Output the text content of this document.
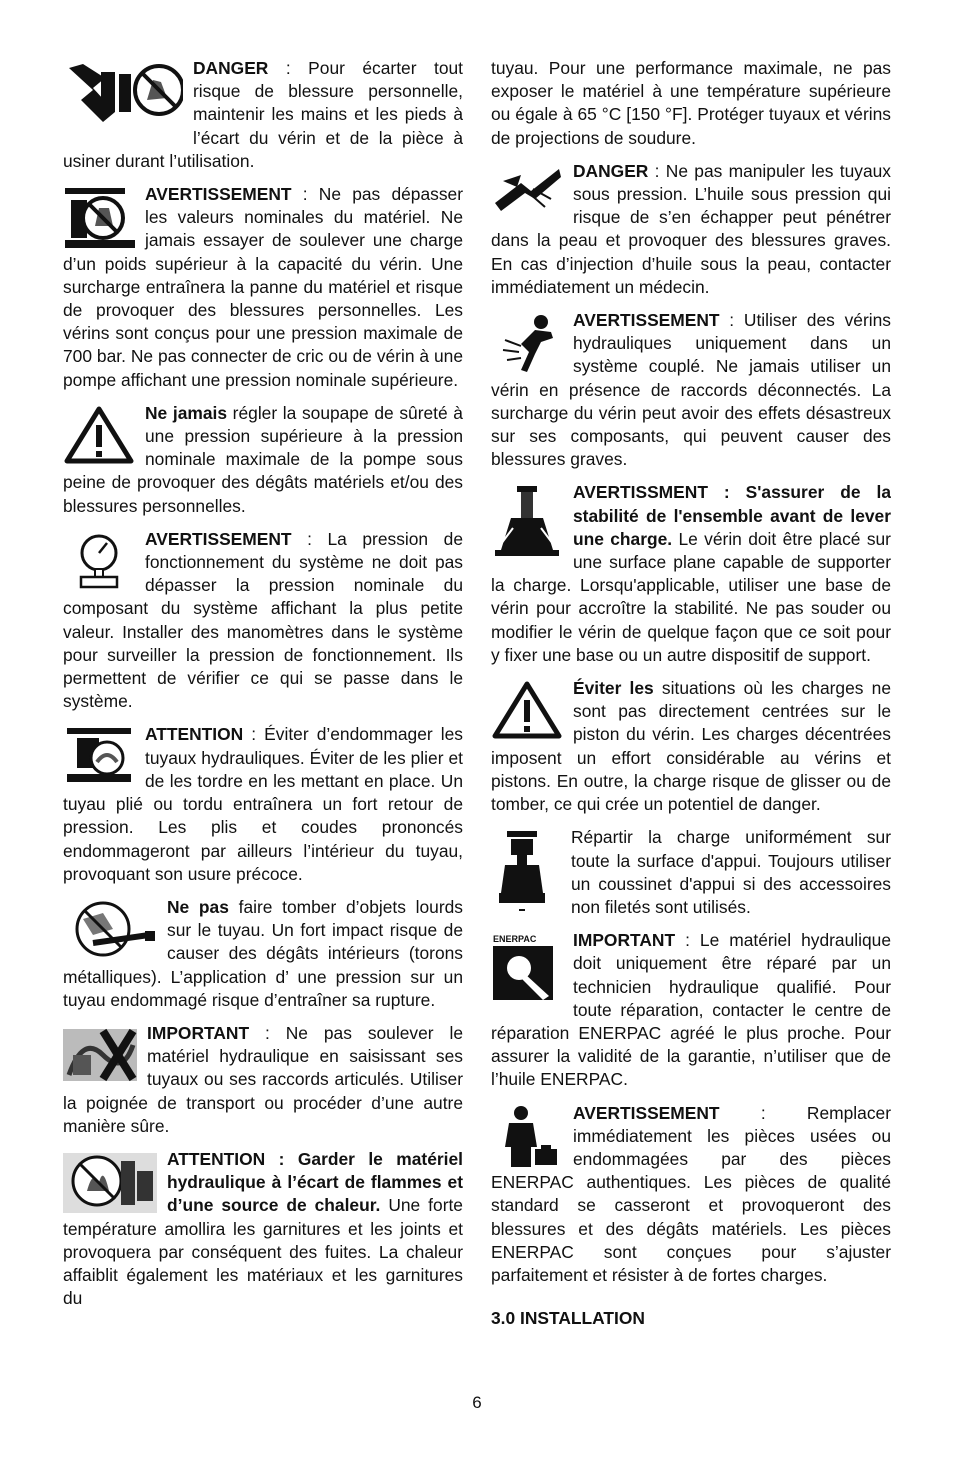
DANGER : Pour écarter tout risque de blessure personnelle, maintenir les mains et les pieds à l’écart du vérin et de la pièce à usiner durant l’utilisation.

AVERTISSEMENT : Ne pas dépasser les valeurs nominales du matériel. Ne jamais essayer de soulever une charge d’un poids supérieur à la capacité du vérin. Une surcharge entraînera la panne du matériel et risque de provoquer des blessures personnelles. Les vérins sont conçus pour une pression maximale de 700 bar. Ne pas connecter de cric ou de vérin à une pompe affichant une pression nominale supérieure.

Ne jamais régler la soupape de sûreté à une pression supérieure à la pression nominale maximale de la pompe sous peine de provoquer des dégâts matériels et/ou des blessures personnelles.

AVERTISSEMENT : La pression de fonctionnement du système ne doit pas dépasser la pression nominale du composant du système affichant la plus petite valeur. Installer des manomètres dans le système pour surveiller la pression de fonctionnement. Ils permettent de vérifier ce qui se passe dans le système.

ATTENTION : Éviter d’endommager les tuyaux hydrauliques. Éviter de les plier et de les tordre en les mettant en place. Un tuyau plié ou tordu entraînera un fort retour de pression. Les plis et coudes prononcés endommageront par ailleurs l’intérieur du tuyau, provoquant son usure précoce.

Ne pas faire tomber d’objets lourds sur le tuyau. Un fort impact risque de causer des dégâts intérieurs (torons métalliques). L’application d’ une pression sur un tuyau endommagé risque d’entraîner sa rupture.

IMPORTANT : Ne pas soulever le matériel hydraulique en saisissant ses tuyaux ou ses raccords articulés. Utiliser la poignée de transport ou procéder d’une autre manière sûre.

ATTENTION : Garder le matériel hydraulique à l’écart de flammes et d’une source de chaleur. Une forte température amollira les garnitures et les joints et provoquera par conséquent des fuites. La chaleur affaiblit également les matériaux et les garnitures du

tuyau. Pour une performance maximale, ne pas exposer le matériel à une température supérieure ou égale à 65 °C [150 °F]. Protéger tuyaux et vérins de projections de soudure.

DANGER : Ne pas manipuler les tuyaux sous pression. L’huile sous pression qui risque de s’en échapper peut pénétrer dans la peau et provoquer des blessures graves. En cas d’injection d’huile sous la peau, contacter immédiatement un médecin.

AVERTISSEMENT : Utiliser des vérins hydrauliques uniquement dans un système couplé. Ne jamais utiliser un vérin en présence de raccords déconnectés. La surcharge du vérin peut avoir des effets désastreux sur ses composants, qui peuvent causer des blessures graves.

AVERTISSMENT : S'assurer de la stabilité de l'ensemble avant de lever une charge. Le vérin doit être placé sur une surface plane capable de supporter la charge. Lorsqu'applicable, utiliser une base de vérin pour accroître la stabilité. Ne pas souder ou modifier le vérin de quelque façon que ce soit pour y fixer une base ou un autre dispositif de support.

Éviter les situations où les charges ne sont pas directement centrées sur le piston du vérin. Les charges décentrées imposent un effort considérable au vérins et pistons. En outre, la charge risque de glisser ou de tomber, ce qui crée un potentiel de danger.

Répartir la charge uniformément sur toute la surface d'appui. Toujours utiliser un coussinet d'appui si des accessoires non filetés sont utilisés.

ENERPAC IMPORTANT : Le matériel hydraulique doit uniquement être réparé par un technicien hydraulique qualifié. Pour toute réparation, contacter le centre de réparation ENERPAC agréé le plus proche. Pour assurer la validité de la garantie, n’utiliser que de l’huile ENERPAC.

AVERTISSEMENT : Remplacer immédiatement les pièces usées ou endommagées par des pièces ENERPAC authentiques. Les pièces de qualité standard se casseront et provoqueront des blessures et des dégâts matériels. Les pièces ENERPAC sont conçues pour s’ajuster parfaitement et résister à de fortes charges.

3.0 INSTALLATION
6
